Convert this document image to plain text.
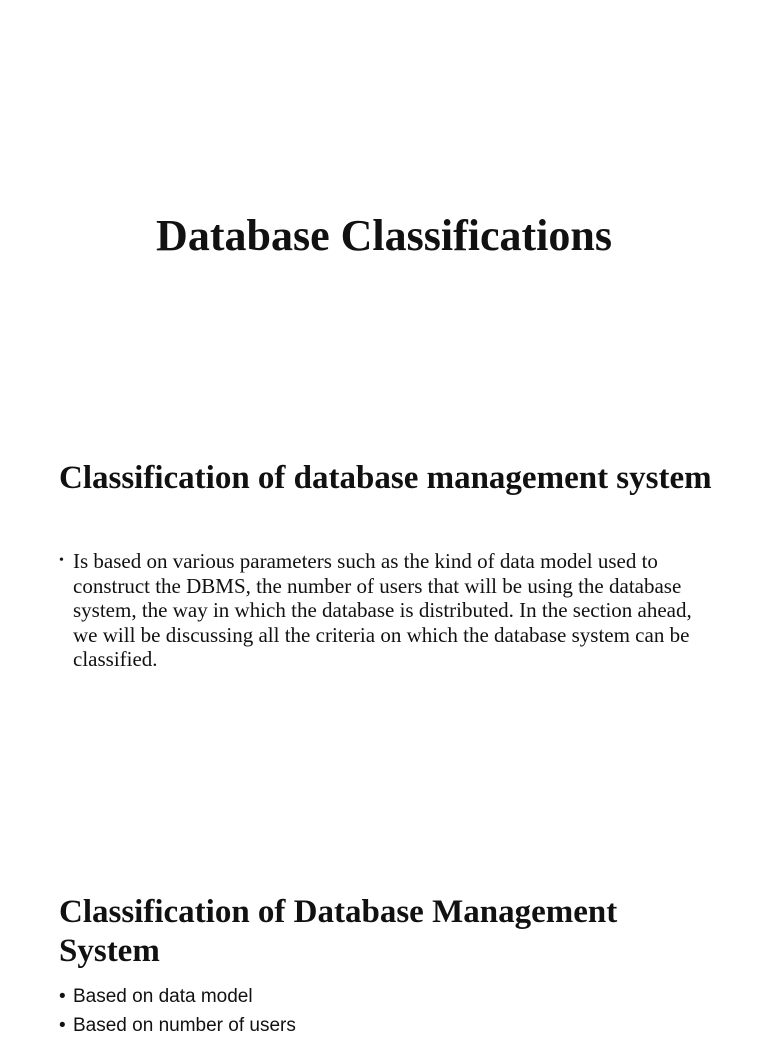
Database Classifications
Classification of database management system
• Is based on various parameters such as the kind of data model used to construct the DBMS, the number of users that will be using the database system, the way in which the database is distributed. In the section ahead, we will be discussing all the criteria on which the database system can be classified.
Classification of Database Management System
• Based on data model
• Based on number of users
